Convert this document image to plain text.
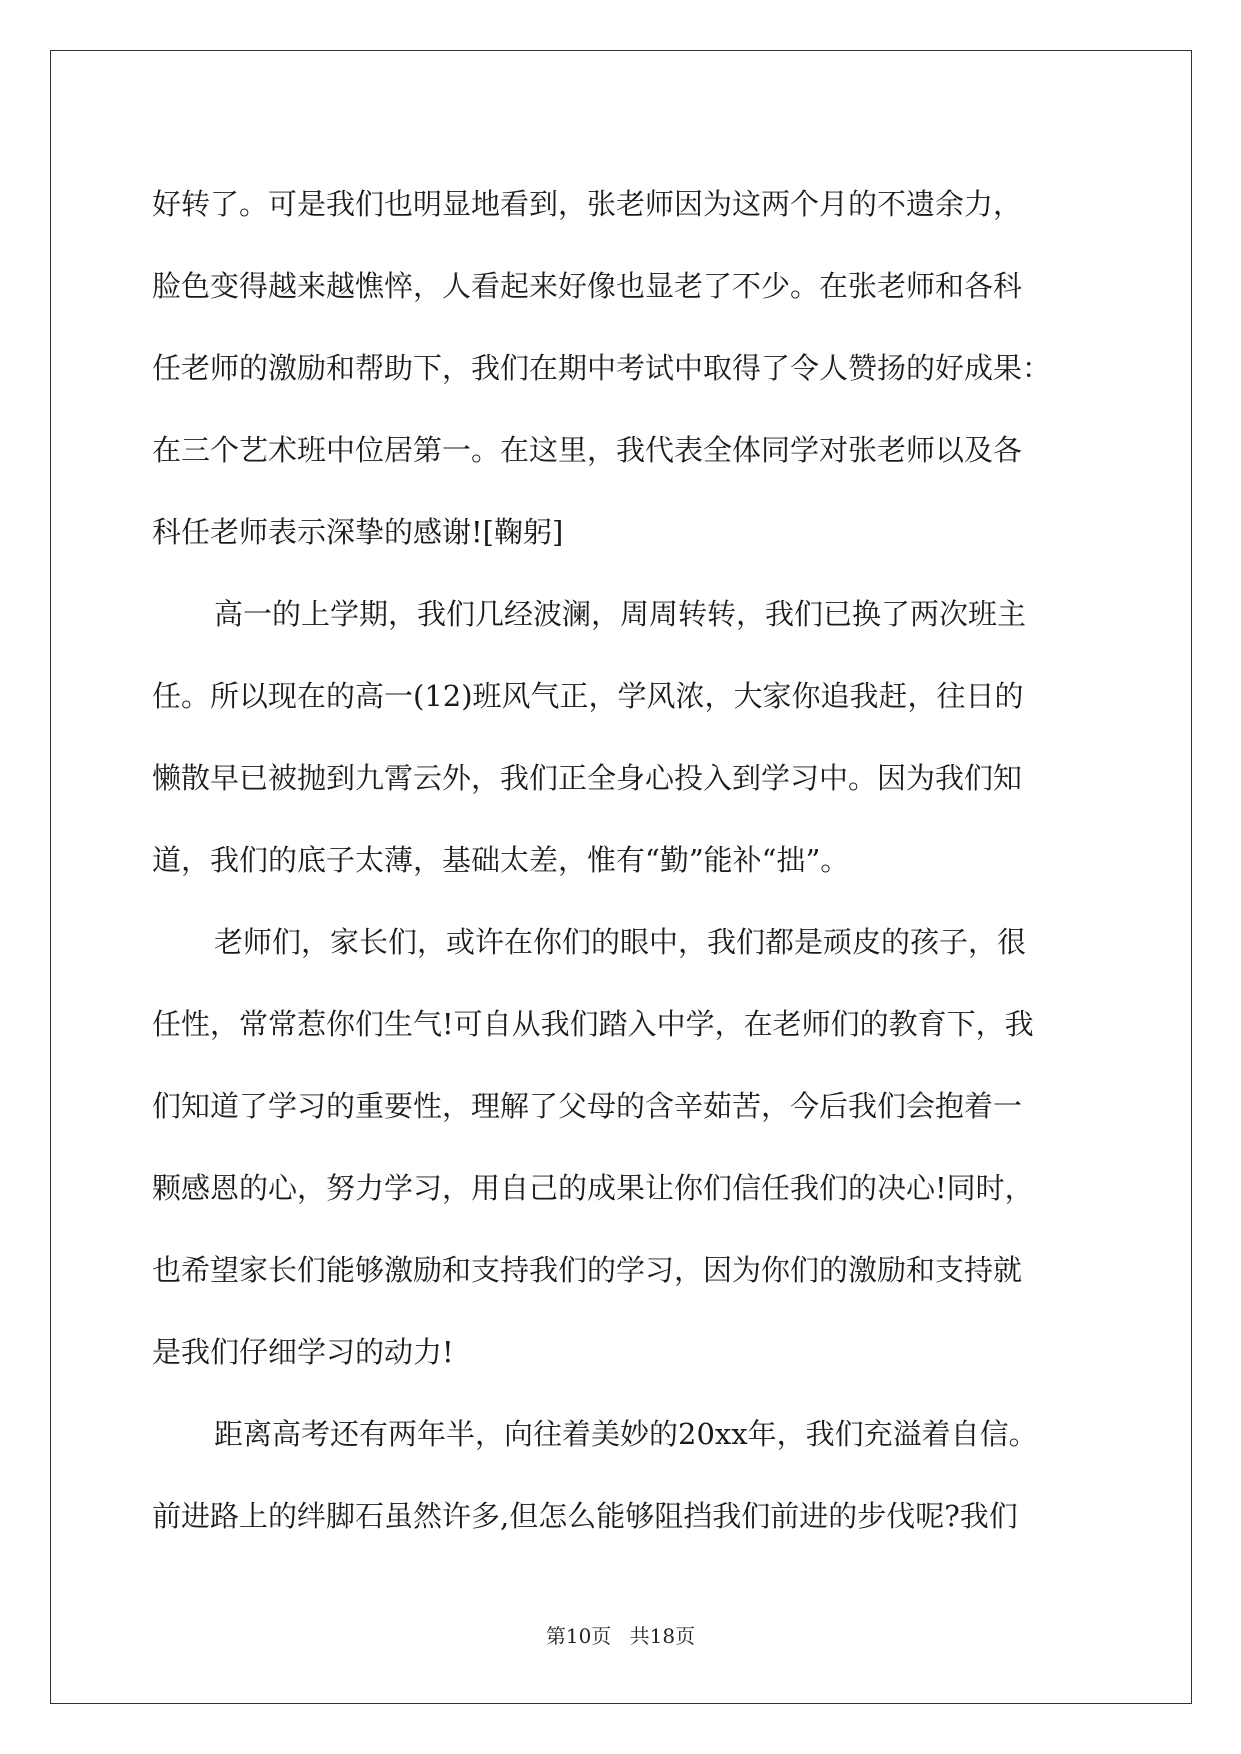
好转了。可是我们也明显地看到，张老师因为这两个月的不遗余力，
脸色变得越来越憔悴，人看起来好像也显老了不少。在张老师和各科
任老师的激励和帮助下，我们在期中考试中取得了令人赞扬的好成果：
在三个艺术班中位居第一。在这里，我代表全体同学对张老师以及各
科任老师表示深挚的感谢![鞠躬]
高一的上学期，我们几经波澜，周周转转，我们已换了两次班主
任。所以现在的高一(12)班风气正，学风浓，大家你追我赶，往日的
懒散早已被抛到九霄云外，我们正全身心投入到学习中。因为我们知
道，我们的底子太薄，基础太差，惟有“勤”能补“拙”。
老师们，家长们，或许在你们的眼中，我们都是顽皮的孩子，很
任性，常常惹你们生气!可自从我们踏入中学，在老师们的教育下，我
们知道了学习的重要性，理解了父母的含辛茹苦，今后我们会抱着一
颗感恩的心，努力学习，用自己的成果让你们信任我们的决心!同时，
也希望家长们能够激励和支持我们的学习，因为你们的激励和支持就
是我们仔细学习的动力!
距离高考还有两年半，向往着美妙的20xx年，我们充溢着自信。
前进路上的绊脚石虽然许多,但怎么能够阻挡我们前进的步伐呢?我们
第10页 共18页
